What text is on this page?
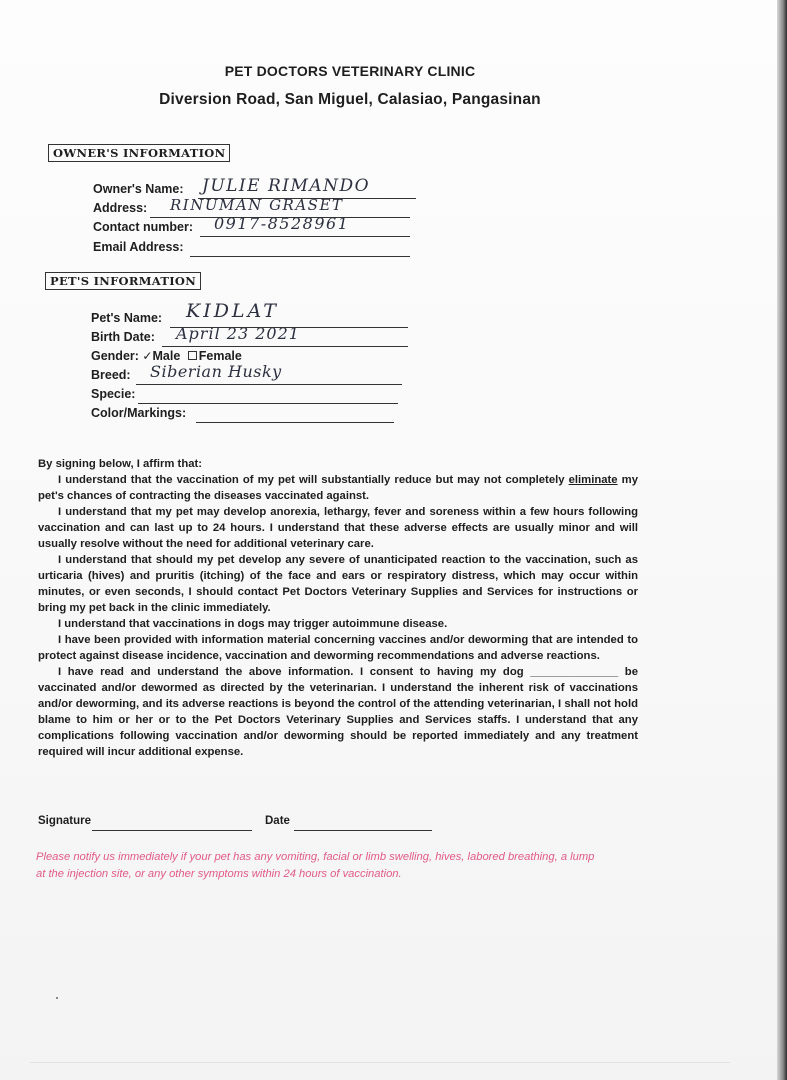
PET DOCTORS VETERINARY CLINIC
Diversion Road, San Miguel, Calasiao, Pangasinan
OWNER'S INFORMATION
Owner's Name: JULIE RIMANDO
Address: RINUMAN GRASET
Contact number: 0917-8528961
Email Address:
PET'S INFORMATION
Pet's Name: KIDLAT
Birth Date: April 23 2021
Gender: ✓Male Female
Breed: Siberian Husky
Specie:
Color/Markings:

By signing below, I affirm that:

I understand that the vaccination of my pet will substantially reduce but may not completely eliminate my pet's chances of contracting the diseases vaccinated against.

I understand that my pet may develop anorexia, lethargy, fever and soreness within a few hours following vaccination and can last up to 24 hours. I understand that these adverse effects are usually minor and will usually resolve without the need for additional veterinary care.

I understand that should my pet develop any severe of unanticipated reaction to the vaccination, such as urticaria (hives) and pruritis (itching) of the face and ears or respiratory distress, which may occur within minutes, or even seconds, I should contact Pet Doctors Veterinary Supplies and Services for instructions or bring my pet back in the clinic immediately.

I understand that vaccinations in dogs may trigger autoimmune disease.

I have been provided with information material concerning vaccines and/or deworming that are intended to protect against disease incidence, vaccination and deworming recommendations and adverse reactions.

I have read and understand the above information. I consent to having my dog ______________ be vaccinated and/or dewormed as directed by the veterinarian. I understand the inherent risk of vaccinations and/or deworming, and its adverse reactions is beyond the control of the attending veterinarian, I shall not hold blame to him or her or to the Pet Doctors Veterinary Supplies and Services staffs. I understand that any complications following vaccination and/or deworming should be reported immediately and any treatment required will incur additional expense.

Signature	Date
Please notify us immediately if your pet has any vomiting, facial or limb swelling, hives, labored breathing, a lump at the injection site, or any other symptoms within 24 hours of vaccination.
